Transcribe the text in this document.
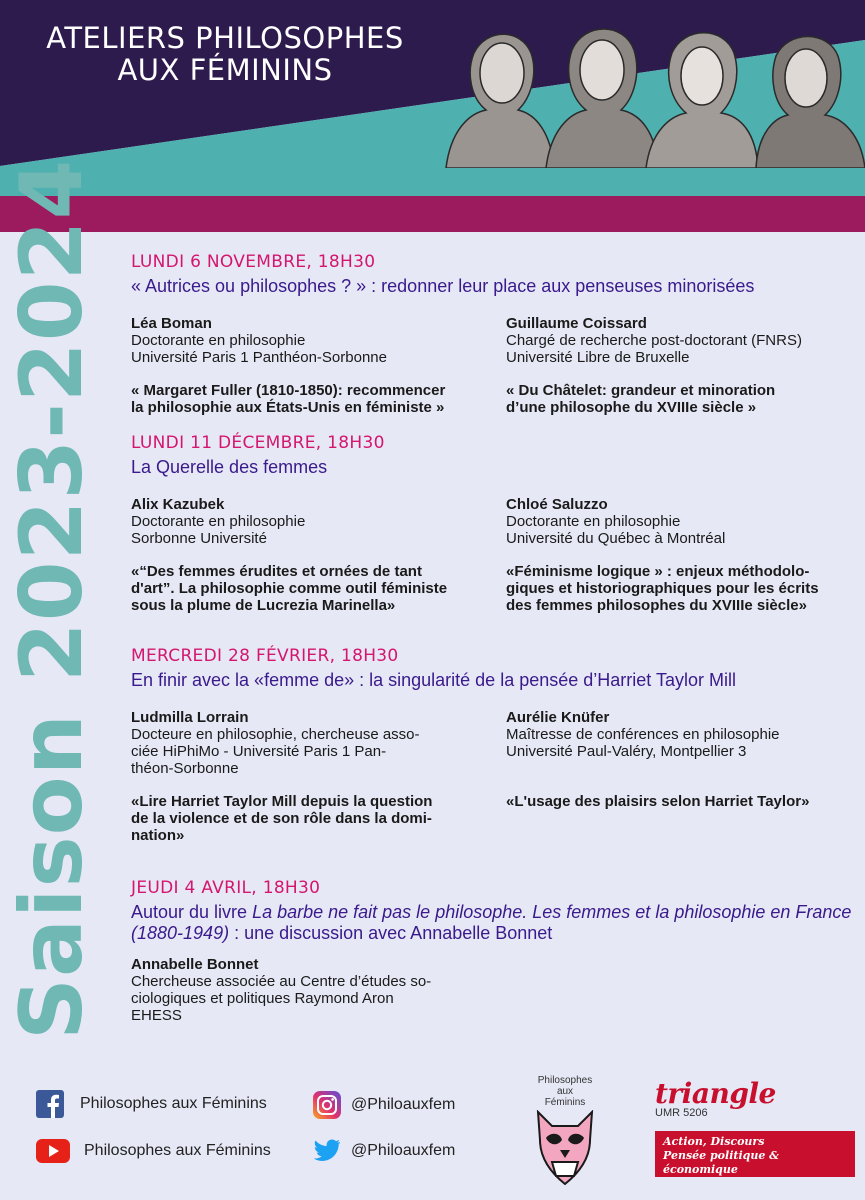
ATELIERS PHILOSOPHES
AUX FÉMININS
Saison 2023-2024 LUNDI 6 NOVEMBRE, 18H30
« Autrices ou philosophes ? » : redonner leur place aux penseuses minorisées
Léa Boman
Doctorante en philosophie
Université Paris 1 Panthéon-Sorbonne
« Margaret Fuller (1810-1850): recommencer
la philosophie aux États-Unis en féministe »
Guillaume Coissard
Chargé de recherche post-doctorant (FNRS)
Université Libre de Bruxelle
« Du Châtelet: grandeur et minoration
d’une philosophe du XVIIIe siècle »
LUNDI 11 DÉCEMBRE, 18H30
La Querelle des femmes
Alix Kazubek
Doctorante en philosophie
Sorbonne Université
«“Des femmes érudites et ornées de tant
d'art”. La philosophie comme outil féministe
sous la plume de Lucrezia Marinella»
Chloé Saluzzo
Doctorante en philosophie
Université du Québec à Montréal
«Féminisme logique » : enjeux méthodolo-
giques et historiographiques pour les écrits
des femmes philosophes du XVIIIe siècle»
MERCREDI 28 FÉVRIER, 18H30
En finir avec la «femme de» : la singularité de la pensée d’Harriet Taylor Mill
Ludmilla Lorrain
Docteure en philosophie, chercheuse asso-
ciée HiPhiMo - Université Paris 1 Pan-
théon-Sorbonne
«Lire Harriet Taylor Mill depuis la question
de la violence et de son rôle dans la domi-
nation»
Aurélie Knüfer
Maîtresse de conférences en philosophie
Université Paul-Valéry, Montpellier 3
«L'usage des plaisirs selon Harriet Taylor»
JEUDI 4 AVRIL, 18H30
Autour du livre La barbe ne fait pas le philosophe. Les femmes et la philosophie en France (1880-1949) : une discussion avec Annabelle Bonnet
Annabelle Bonnet
Chercheuse associée au Centre d’études so-
ciologiques et politiques Raymond Aron
EHESS
Philosophes aux Féminins
Philosophes aux Féminins
@Philoauxfem
@Philoauxfem
Philosophes
aux
Féminins	triangle
UMR 5206
Action, Discours
Pensée politique & économique
